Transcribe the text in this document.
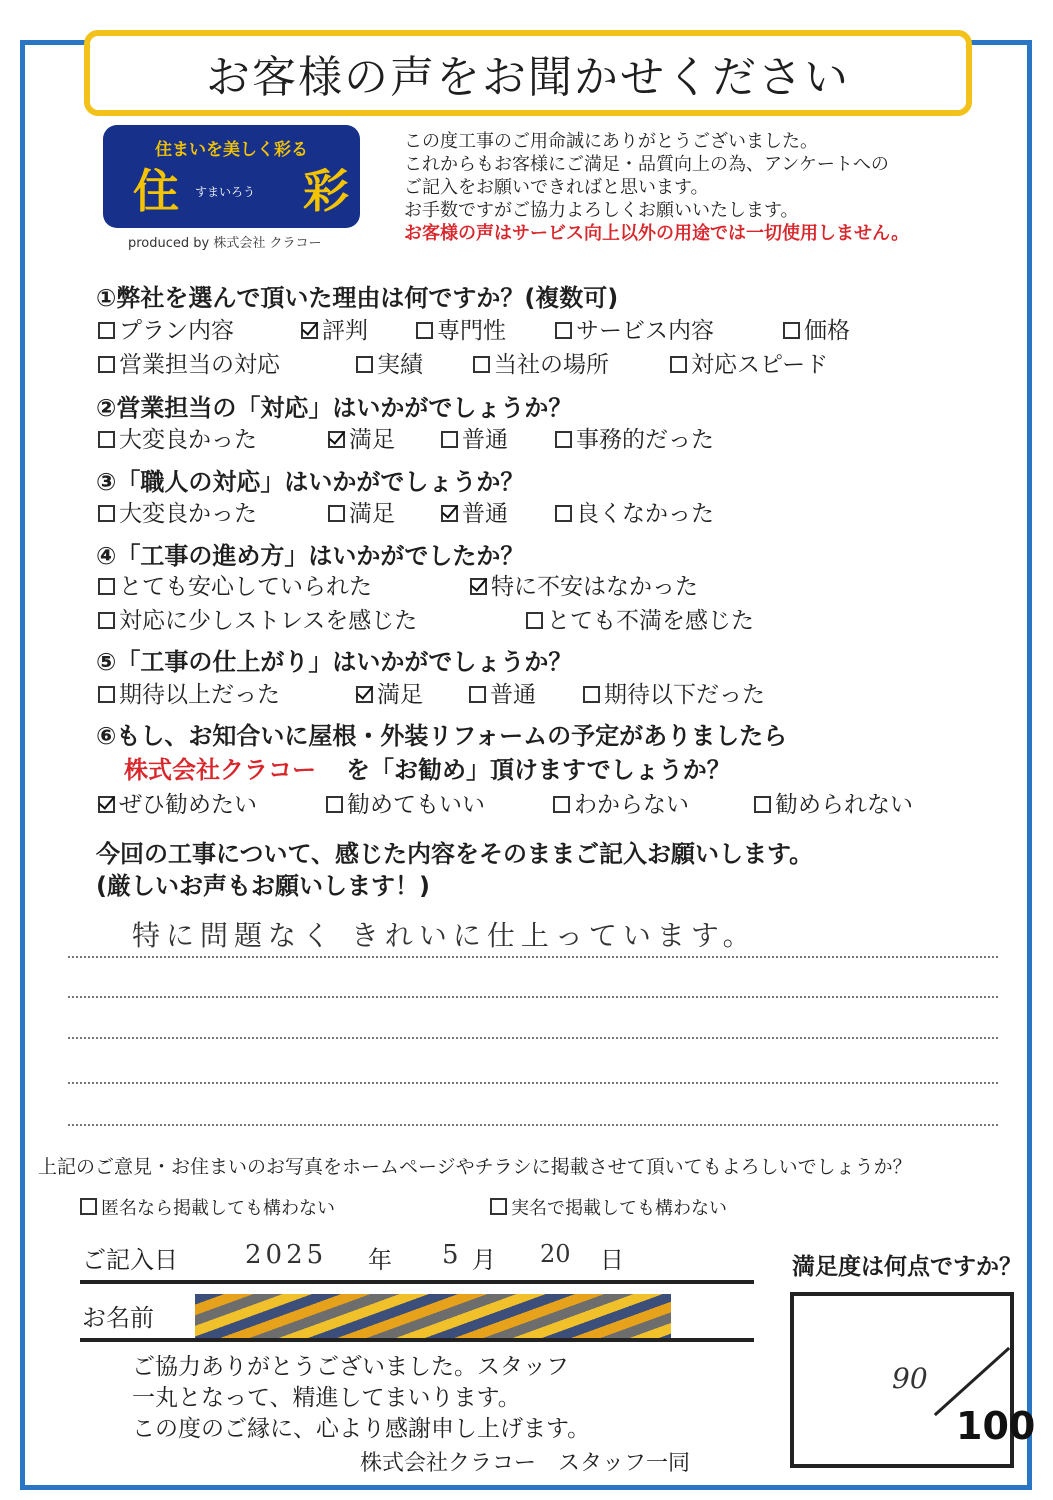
お客様の声をお聞かせください
住まいを美しく彩る
住 すまいろう 彩
produced by 株式会社 クラコー
この度工事のご用命誠にありがとうございました。
これからもお客様にご満足・品質向上の為、アンケートへの
ご記入をお願いできればと思います。
お手数ですがご協力よろしくお願いいたします。
お客様の声はサービス向上以外の用途では一切使用しません。
①弊社を選んで頂いた理由は何ですか？(複数可)
プラン内容	評判	専門性	サービス内容	価格
営業担当の対応	実績	当社の場所	対応スピード
②営業担当の「対応」はいかがでしょうか？
大変良かった	満足	普通	事務的だった
③「職人の対応」はいかがでしょうか？
大変良かった	満足	普通	良くなかった
④「工事の進め方」はいかがでしたか？
とても安心していられた	特に不安はなかった
対応に少しストレスを感じた	とても不満を感じた
⑤「工事の仕上がり」はいかがでしょうか？
期待以上だった	満足	普通	期待以下だった
⑥もし、お知合いに屋根・外装リフォームの予定がありましたら
株式会社クラコー を「お勧め」頂けますでしょうか？
ぜひ勧めたい	勧めてもいい	わからない	勧められない
今回の工事について、感じた内容をそのままご記入お願いします。
(厳しいお声もお願いします！)
特に問題なく きれいに仕上っています。
上記のご意見・お住まいのお写真をホームページやチラシに掲載させて頂いてもよろしいでしょうか？
匿名なら掲載しても構わない	実名で掲載しても構わない
ご記入日	2025 年 5 月 20 日
お名前
ご協力ありがとうございました。スタッフ
一丸となって、精進してまいります。
この度のご縁に、心より感謝申し上げます。
株式会社クラコー　スタッフ一同
満足度は何点ですか？
90
100
